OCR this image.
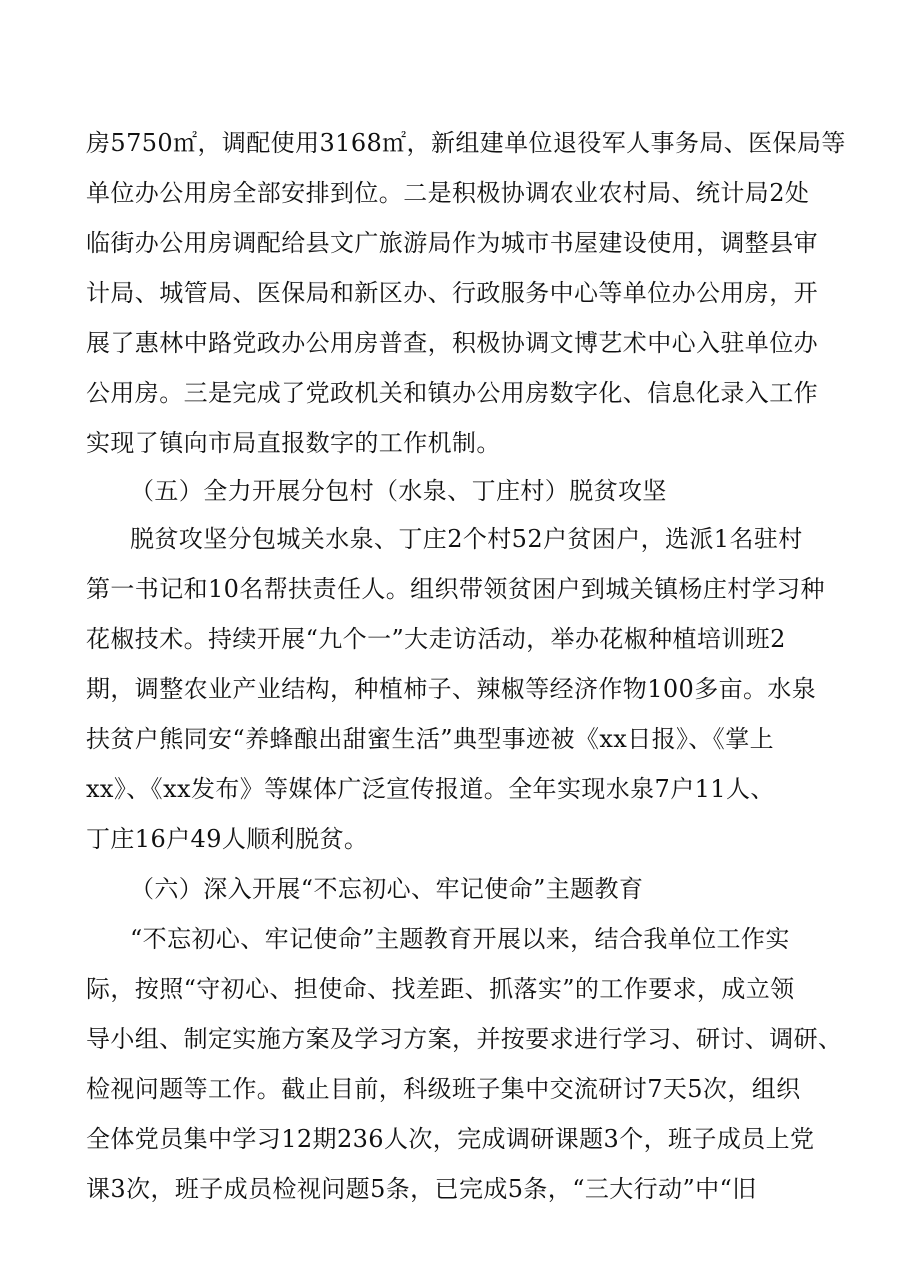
房5750㎡，调配使用3168㎡，新组建单位退役军人事务局、医保局等
单位办公用房全部安排到位。二是积极协调农业农村局、统计局2处
临街办公用房调配给县文广旅游局作为城市书屋建设使用，调整县审
计局、城管局、医保局和新区办、行政服务中心等单位办公用房，开
展了惠林中路党政办公用房普查，积极协调文博艺术中心入驻单位办
公用房。三是完成了党政机关和镇办公用房数字化、信息化录入工作
实现了镇向市局直报数字的工作机制。
（五）全力开展分包村（水泉、丁庄村）脱贫攻坚
脱贫攻坚分包城关水泉、丁庄2个村52户贫困户，选派1名驻村
第一书记和10名帮扶责任人。组织带领贫困户到城关镇杨庄村学习种
花椒技术。持续开展“九个一”大走访活动，举办花椒种植培训班2
期，调整农业产业结构，种植柿子、辣椒等经济作物100多亩。水泉
扶贫户熊同安“养蜂酿出甜蜜生活”典型事迹被《xx日报》、《掌上
xx》、《xx发布》等媒体广泛宣传报道。全年实现水泉7户11人、
丁庄16户49人顺利脱贫。
（六）深入开展“不忘初心、牢记使命”主题教育
“不忘初心、牢记使命”主题教育开展以来，结合我单位工作实
际，按照“守初心、担使命、找差距、抓落实”的工作要求，成立领
导小组、制定实施方案及学习方案，并按要求进行学习、研讨、调研、
检视问题等工作。截止目前，科级班子集中交流研讨7天5次，组织
全体党员集中学习12期236人次，完成调研课题3个，班子成员上党
课3次，班子成员检视问题5条，已完成5条，“三大行动”中“旧
